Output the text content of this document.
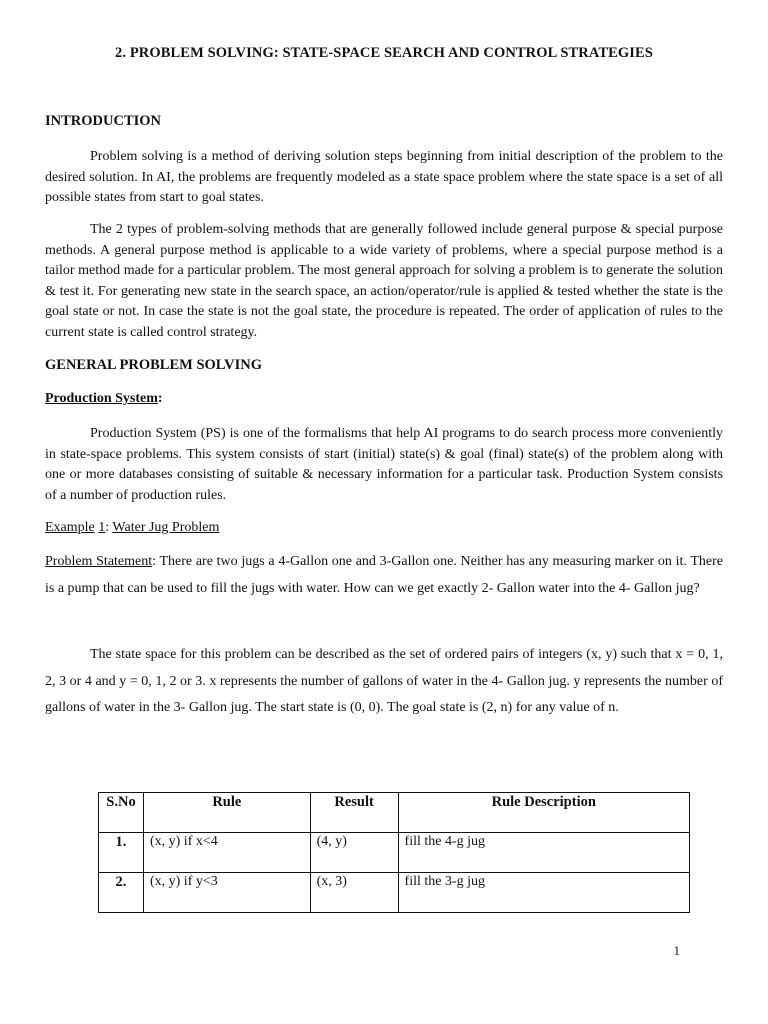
2. PROBLEM SOLVING: STATE-SPACE SEARCH AND CONTROL STRATEGIES
INTRODUCTION
Problem solving is a method of deriving solution steps beginning from initial description of the problem to the desired solution. In AI, the problems are frequently modeled as a state space problem where the state space is a set of all possible states from start to goal states.
The 2 types of problem-solving methods that are generally followed include general purpose & special purpose methods. A general purpose method is applicable to a wide variety of problems, where a special purpose method is a tailor method made for a particular problem. The most general approach for solving a problem is to generate the solution & test it. For generating new state in the search space, an action/operator/rule is applied & tested whether the state is the goal state or not. In case the state is not the goal state, the procedure is repeated. The order of application of rules to the current state is called control strategy.
GENERAL PROBLEM SOLVING
Production System:
Production System (PS) is one of the formalisms that help AI programs to do search process more conveniently in state-space problems. This system consists of start (initial) state(s) & goal (final) state(s) of the problem along with one or more databases consisting of suitable & necessary information for a particular task. Production System consists of a number of production rules.
Example 1: Water Jug Problem
Problem Statement: There are two jugs a 4-Gallon one and 3-Gallon one. Neither has any measuring marker on it. There is a pump that can be used to fill the jugs with water. How can we get exactly 2- Gallon water into the 4- Gallon jug?
The state space for this problem can be described as the set of ordered pairs of integers (x, y) such that x = 0, 1, 2, 3 or 4 and y = 0, 1, 2 or 3. x represents the number of gallons of water in the 4- Gallon jug. y represents the number of gallons of water in the 3- Gallon jug. The start state is (0, 0). The goal state is (2, n) for any value of n.
S.No	Rule	Result	Rule Description
1.	(x, y) if x<4	(4, y)	fill the 4-g jug
2.	(x, y) if y<3	(x, 3)	fill the 3-g jug
1
